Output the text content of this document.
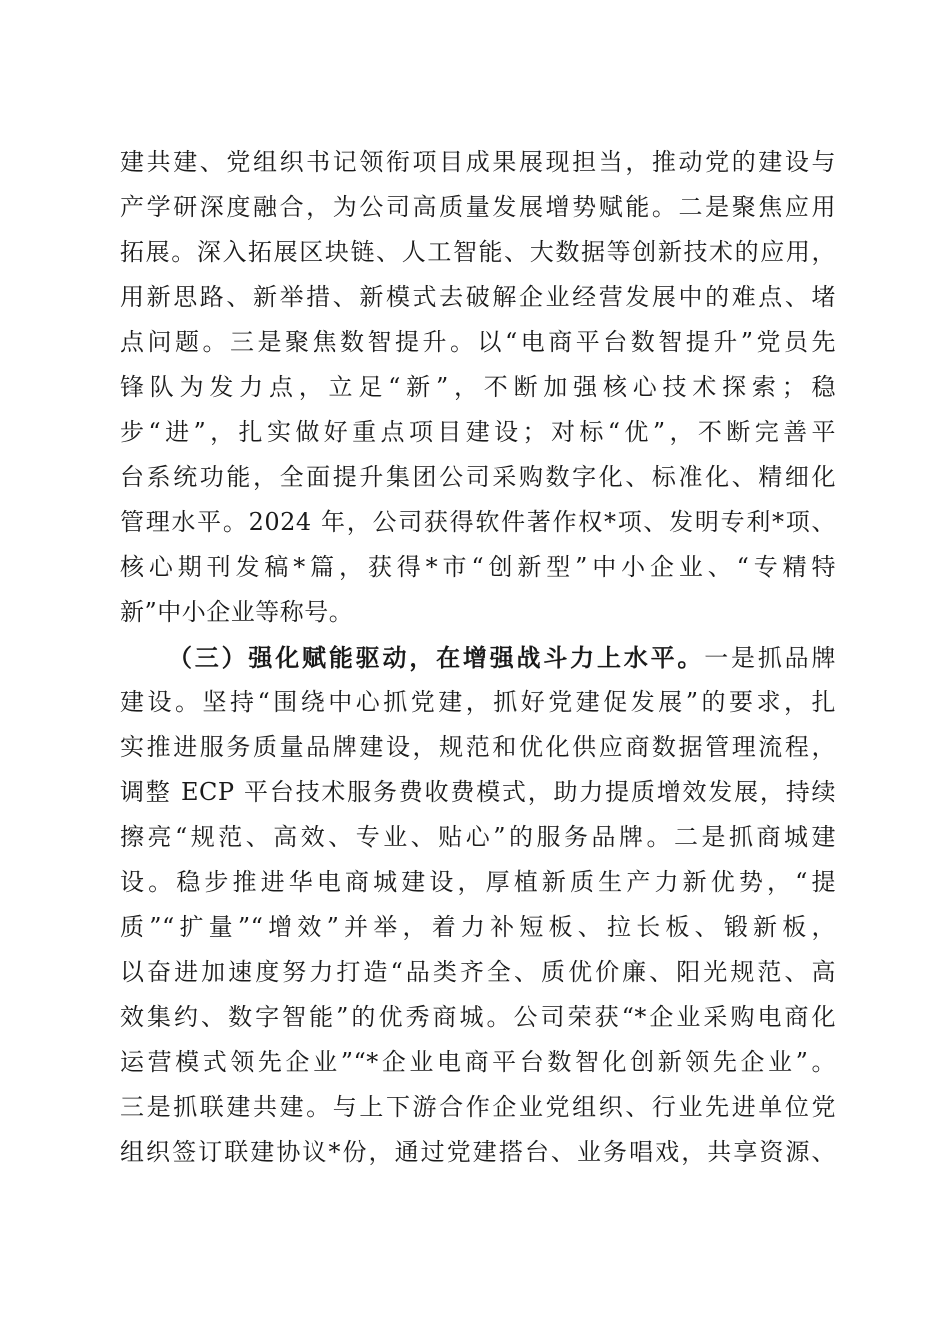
建共建、党组织书记领衔项目成果展现担当，推动党的建设与
产学研深度融合，为公司高质量发展增势赋能。二是聚焦应用
拓展。深入拓展区块链、人工智能、大数据等创新技术的应用，
用新思路、新举措、新模式去破解企业经营发展中的难点、堵
点问题。三是聚焦数智提升。以“电商平台数智提升”党员先
锋队为发力点，立足“新”，不断加强核心技术探索；稳
步“进”，扎实做好重点项目建设；对标“优”，不断完善平
台系统功能，全面提升集团公司采购数字化、标准化、精细化
管理水平。2024 年，公司获得软件著作权*项、发明专利*项、
核心期刊发稿*篇，获得*市“创新型”中小企业、“专精特
新”中小企业等称号。
（三）强化赋能驱动，在增强战斗力上水平。一是抓品牌
建设。坚持“围绕中心抓党建，抓好党建促发展”的要求，扎
实推进服务质量品牌建设，规范和优化供应商数据管理流程，
调整 ECP 平台技术服务费收费模式，助力提质增效发展，持续
擦亮“规范、高效、专业、贴心”的服务品牌。二是抓商城建
设。稳步推进华电商城建设，厚植新质生产力新优势，“提
质”“扩量”“增效”并举，着力补短板、拉长板、锻新板，
以奋进加速度努力打造“品类齐全、质优价廉、阳光规范、高
效集约、数字智能”的优秀商城。公司荣获“*企业采购电商化
运营模式领先企业”“*企业电商平台数智化创新领先企业”。
三是抓联建共建。与上下游合作企业党组织、行业先进单位党
组织签订联建协议*份，通过党建搭台、业务唱戏，共享资源、
